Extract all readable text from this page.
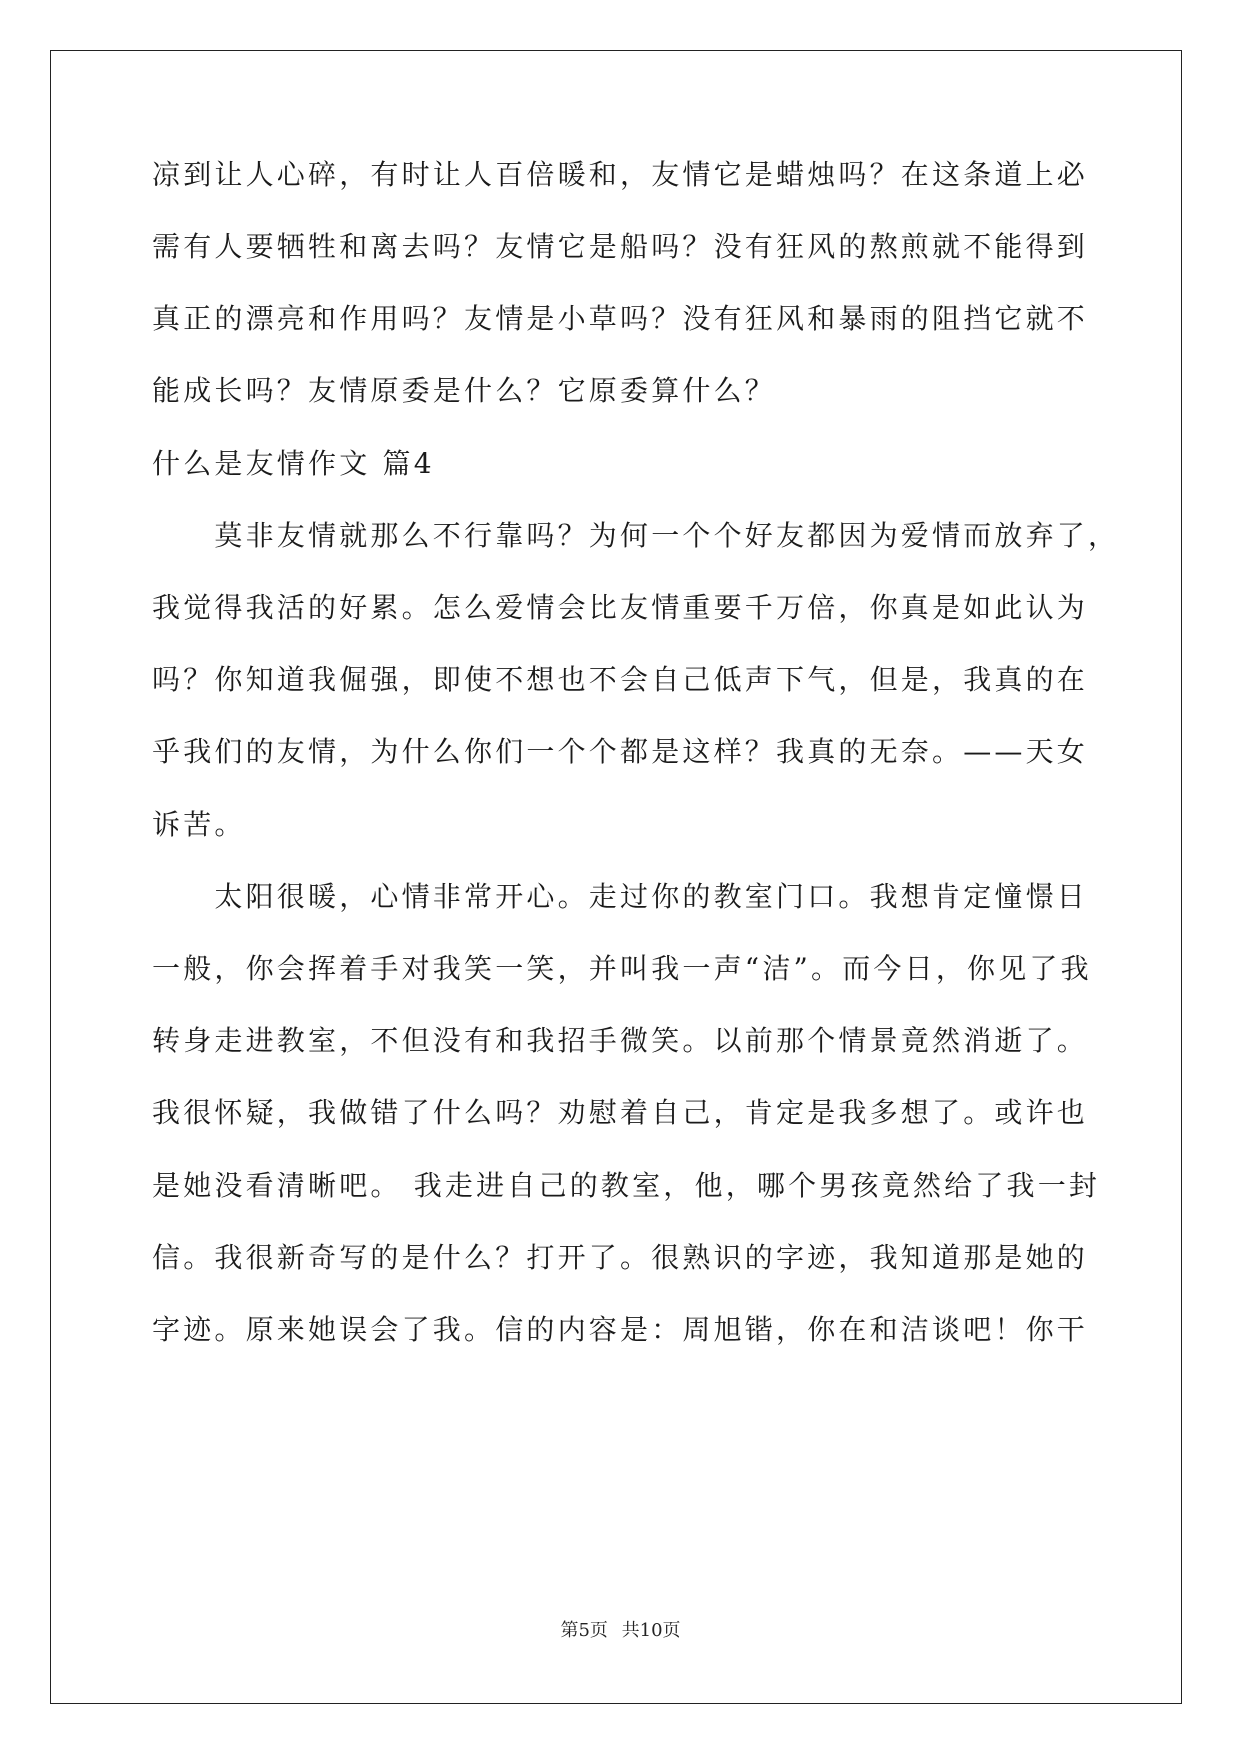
凉到让人心碎，有时让人百倍暖和，友情它是蜡烛吗？在这条道上必
需有人要牺牲和离去吗？友情它是船吗？没有狂风的熬煎就不能得到
真正的漂亮和作用吗？友情是小草吗？没有狂风和暴雨的阻挡它就不
能成长吗？友情原委是什么？它原委算什么？
什么是友情作文 篇4
　　莫非友情就那么不行靠吗？为何一个个好友都因为爱情而放弃了，
我觉得我活的好累。怎么爱情会比友情重要千万倍，你真是如此认为
吗？你知道我倔强，即使不想也不会自己低声下气，但是，我真的在
乎我们的友情，为什么你们一个个都是这样？我真的无奈。——天女
诉苦。
　　太阳很暖，心情非常开心。走过你的教室门口。我想肯定憧憬日
一般，你会挥着手对我笑一笑，并叫我一声“洁”。而今日，你见了我
转身走进教室，不但没有和我招手微笑。以前那个情景竟然消逝了。
我很怀疑，我做错了什么吗？劝慰着自己，肯定是我多想了。或许也
是她没看清晰吧。 我走进自己的教室，他，哪个男孩竟然给了我一封
信。我很新奇写的是什么？打开了。很熟识的字迹，我知道那是她的
字迹。原来她误会了我。信的内容是：周旭锴，你在和洁谈吧！你干
第5页 共10页
